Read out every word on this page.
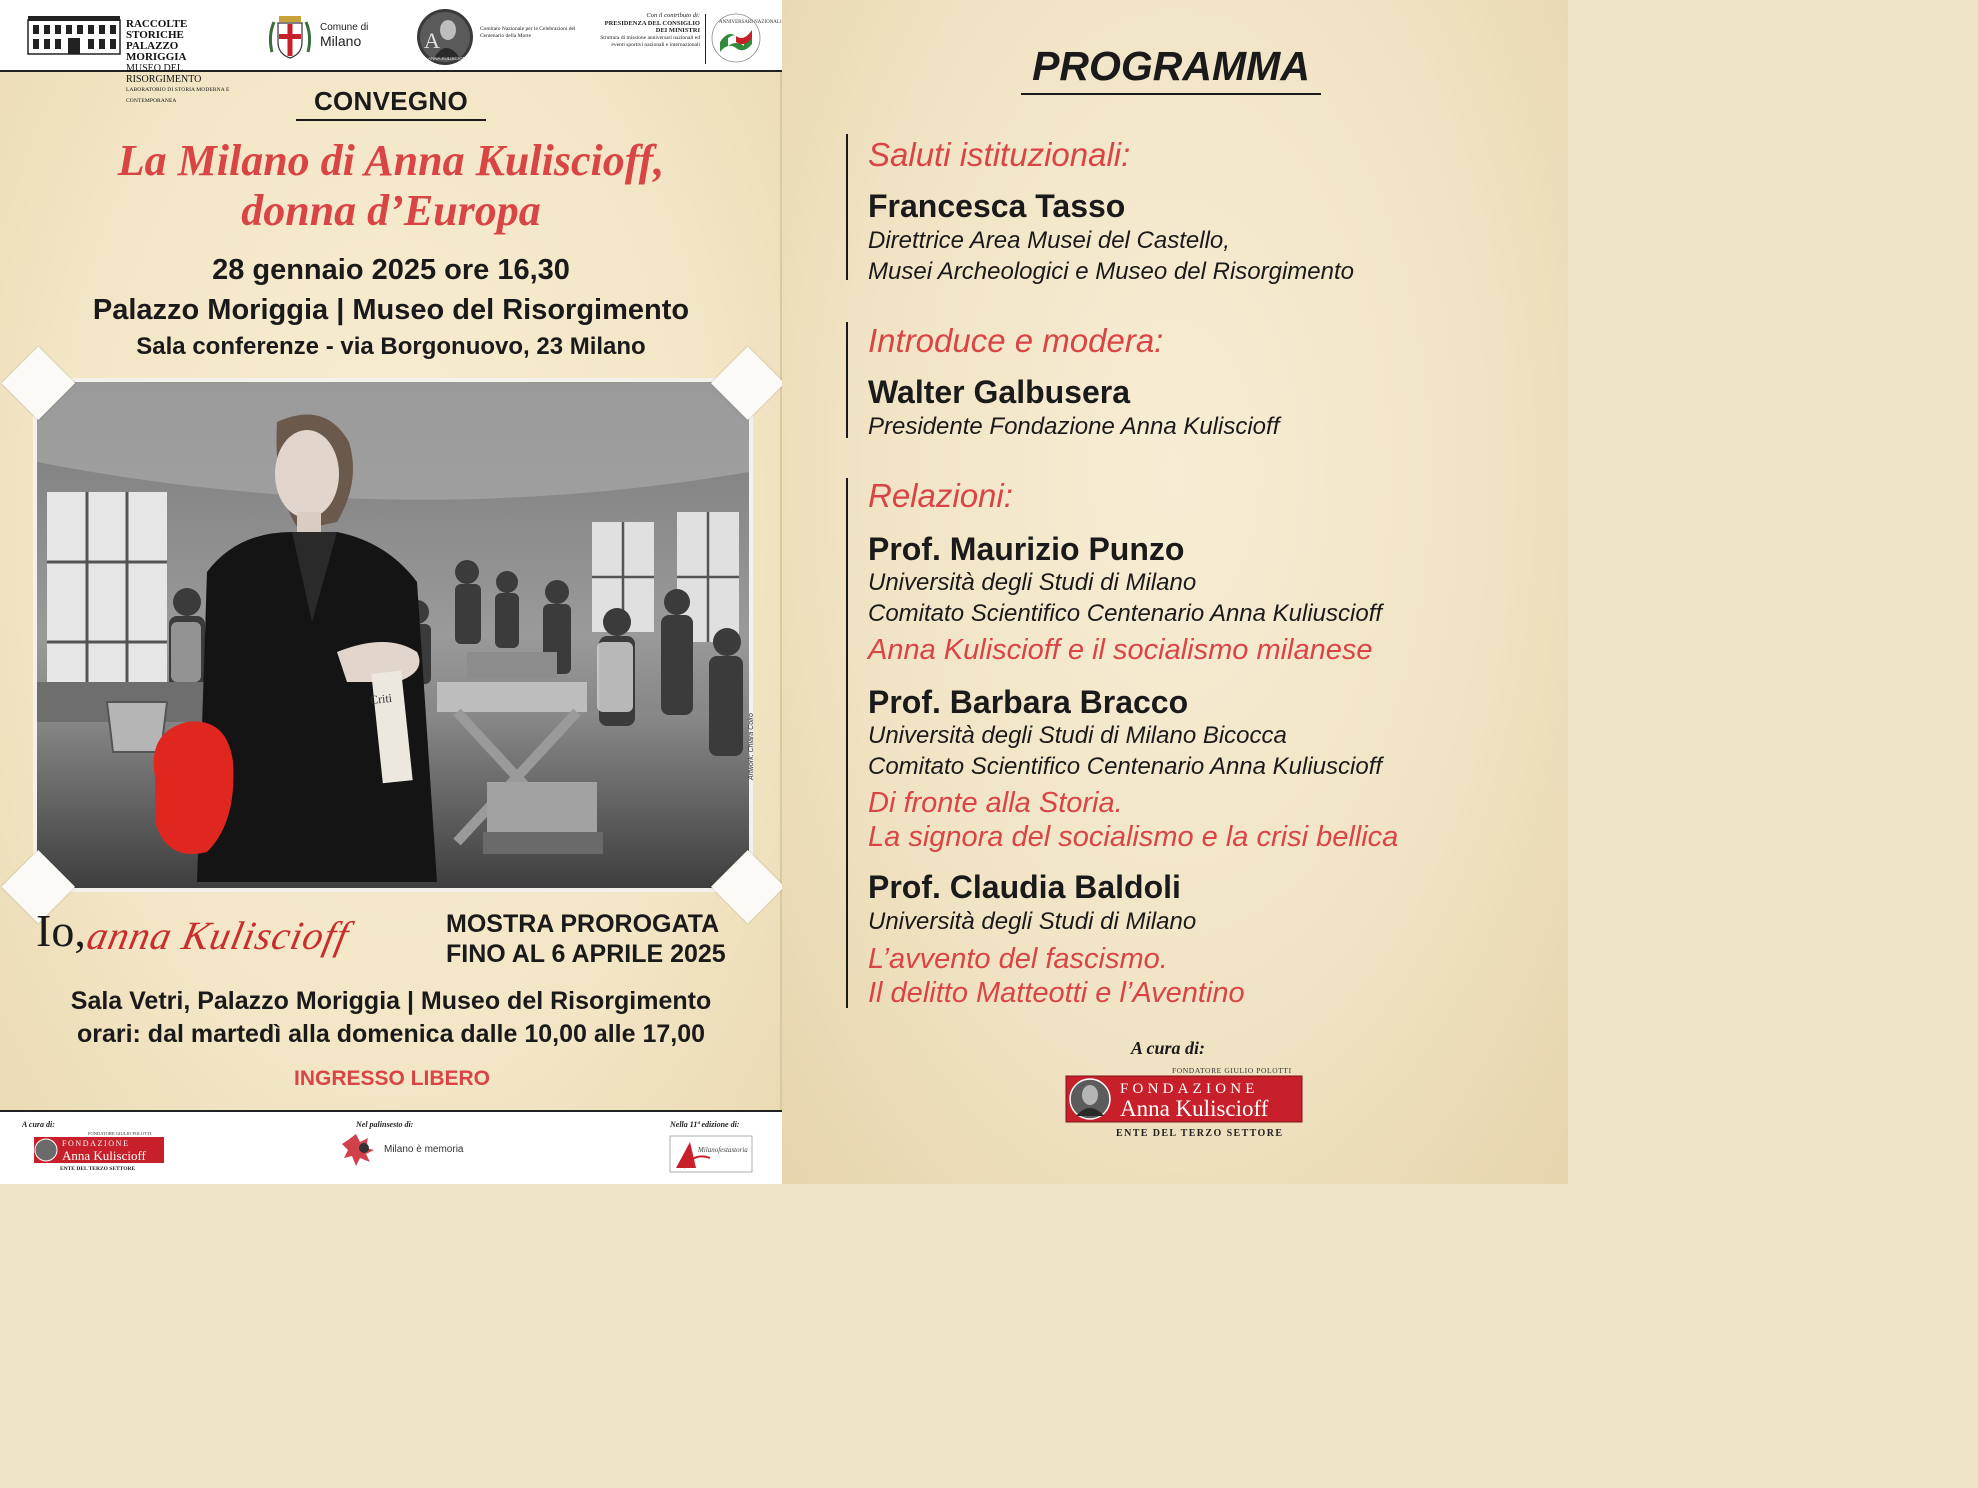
RACCOLTE STORICHE
PALAZZO MORIGGIA
MUSEO DEL RISORGIMENTO
LABORATORIO DI STORIA MODERNA E CONTEMPORANEA
Comune di
Milano	A
ANNA KULISCIOFF
Comitato Nazionale per le Celebrazioni del Centenario della Morte
Con il contributo di:
PRESIDENZA DEL CONSIGLIO DEI MINISTRI
Struttura di missione anniversari nazionali ed eventi sportivi nazionali e internazionali
ANNIVERSARI NAZIONALI
CONVEGNO
La Milano di Anna Kuliscioff,
donna d’Europa
28 gennaio 2025 ore 16,30
Palazzo Moriggia | Museo del Risorgimento
Sala conferenze - via Borgonuovo, 23 Milano
Criti
Artwork: Chiara Coiro
Io,
anna Kuliscioff	MOSTRA PROROGATA
FINO AL 6 APRILE 2025
Sala Vetri, Palazzo Moriggia | Museo del Risorgimento
orari: dal martedì alla domenica dalle 10,00 alle 17,00
INGRESSO LIBERO
A cura di:
FONDATORE GIULIO POLOTTI
FONDAZIONE
Anna Kuliscioff
ENTE DEL TERZO SETTORE
Nel palinsesto di:
Milano è memoria
Nella 11ª edizione di:
Milanofestastoria
PROGRAMMA
Saluti istituzionali:
Francesca Tasso
Direttrice Area Musei del Castello,
Musei Archeologici e Museo del Risorgimento
Introduce e modera:
Walter Galbusera
Presidente Fondazione Anna Kuliscioff
Relazioni:
Prof. Maurizio Punzo
Università degli Studi di Milano
Comitato Scientifico Centenario Anna Kuliuscioff
Anna Kuliscioff e il socialismo milanese
Prof. Barbara Bracco
Università degli Studi di Milano Bicocca
Comitato Scientifico Centenario Anna Kuliuscioff
Di fronte alla Storia.
La signora del socialismo e la crisi bellica
Prof. Claudia Baldoli
Università degli Studi di Milano
L’avvento del fascismo.
Il delitto Matteotti e l’Aventino
A cura di:
FONDATORE GIULIO POLOTTI
FONDAZIONE
Anna Kuliscioff
ENTE DEL TERZO SETTORE
